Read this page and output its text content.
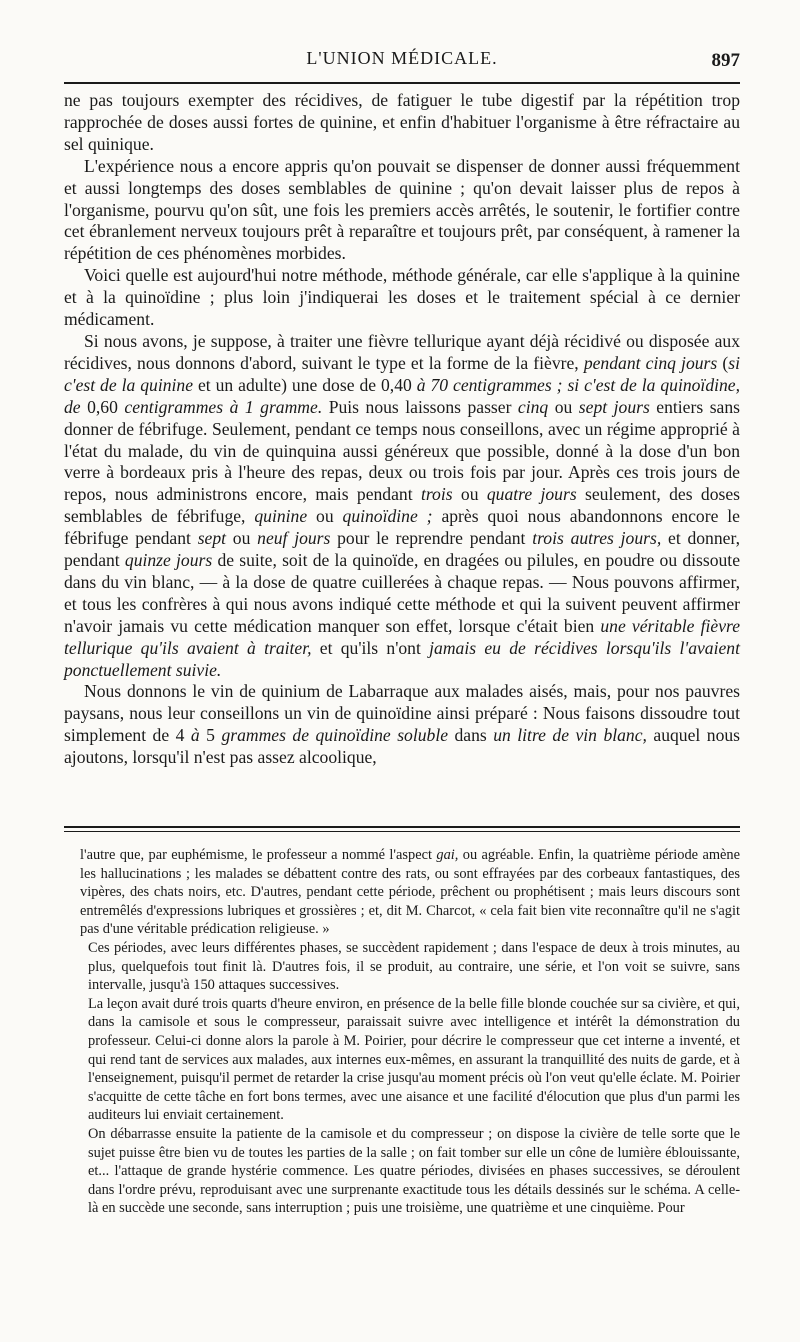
L'UNION MÉDICALE.	897

ne pas toujours exempter des récidives, de fatiguer le tube digestif par la répétition trop rapprochée de doses aussi fortes de quinine, et enfin d'habituer l'organisme à être réfractaire au sel quinique.

L'expérience nous a encore appris qu'on pouvait se dispenser de donner aussi fréquemment et aussi longtemps des doses semblables de quinine ; qu'on devait laisser plus de repos à l'organisme, pourvu qu'on sût, une fois les premiers accès arrêtés, le soutenir, le fortifier contre cet ébranlement nerveux toujours prêt à reparaître et toujours prêt, par conséquent, à ramener la répétition de ces phénomènes morbides.

Voici quelle est aujourd'hui notre méthode, méthode générale, car elle s'applique à la quinine et à la quinoïdine ; plus loin j'indiquerai les doses et le traitement spécial à ce dernier médicament.

Si nous avons, je suppose, à traiter une fièvre tellurique ayant déjà récidivé ou disposée aux récidives, nous donnons d'abord, suivant le type et la forme de la fièvre, pendant cinq jours (si c'est de la quinine et un adulte) une dose de 0,40 à 70 centigrammes ; si c'est de la quinoïdine, de 0,60 centigrammes à 1 gramme. Puis nous laissons passer cinq ou sept jours entiers sans donner de fébrifuge. Seulement, pendant ce temps nous conseillons, avec un régime approprié à l'état du malade, du vin de quinquina aussi généreux que possible, donné à la dose d'un bon verre à bordeaux pris à l'heure des repas, deux ou trois fois par jour. Après ces trois jours de repos, nous administrons encore, mais pendant trois ou quatre jours seulement, des doses semblables de fébrifuge, quinine ou quinoïdine ; après quoi nous abandonnons encore le fébrifuge pendant sept ou neuf jours pour le reprendre pendant trois autres jours, et donner, pendant quinze jours de suite, soit de la quinoïde, en dragées ou pilules, en poudre ou dissoute dans du vin blanc, — à la dose de quatre cuillerées à chaque repas. — Nous pouvons affirmer, et tous les confrères à qui nous avons indiqué cette méthode et qui la suivent peuvent affirmer n'avoir jamais vu cette médication manquer son effet, lorsque c'était bien une véritable fièvre tellurique qu'ils avaient à traiter, et qu'ils n'ont jamais eu de récidives lorsqu'ils l'avaient ponctuellement suivie.

Nous donnons le vin de quinium de Labarraque aux malades aisés, mais, pour nos pauvres paysans, nous leur conseillons un vin de quinoïdine ainsi préparé : Nous faisons dissoudre tout simplement de 4 à 5 grammes de quinoïdine soluble dans un litre de vin blanc, auquel nous ajoutons, lorsqu'il n'est pas assez alcoolique,

l'autre que, par euphémisme, le professeur a nommé l'aspect gai, ou agréable. Enfin, la quatrième période amène les hallucinations ; les malades se débattent contre des rats, ou sont effrayées par des corbeaux fantastiques, des vipères, des chats noirs, etc. D'autres, pendant cette période, prêchent ou prophétisent ; mais leurs discours sont entremêlés d'expressions lubriques et grossières ; et, dit M. Charcot, « cela fait bien vite reconnaître qu'il ne s'agit pas d'une véritable prédication religieuse. »

Ces périodes, avec leurs différentes phases, se succèdent rapidement ; dans l'espace de deux à trois minutes, au plus, quelquefois tout finit là. D'autres fois, il se produit, au contraire, une série, et l'on voit se suivre, sans intervalle, jusqu'à 150 attaques successives.

La leçon avait duré trois quarts d'heure environ, en présence de la belle fille blonde couchée sur sa civière, et qui, dans la camisole et sous le compresseur, paraissait suivre avec intelligence et intérêt la démonstration du professeur. Celui-ci donne alors la parole à M. Poirier, pour décrire le compresseur que cet interne a inventé, et qui rend tant de services aux malades, aux internes eux-mêmes, en assurant la tranquillité des nuits de garde, et à l'enseignement, puisqu'il permet de retarder la crise jusqu'au moment précis où l'on veut qu'elle éclate. M. Poirier s'acquitte de cette tâche en fort bons termes, avec une aisance et une facilité d'élocution que plus d'un parmi les auditeurs lui enviait certainement.

On débarrasse ensuite la patiente de la camisole et du compresseur ; on dispose la civière de telle sorte que le sujet puisse être bien vu de toutes les parties de la salle ; on fait tomber sur elle un cône de lumière éblouissante, et... l'attaque de grande hystérie commence. Les quatre périodes, divisées en phases successives, se déroulent dans l'ordre prévu, reproduisant avec une surprenante exactitude tous les détails dessinés sur le schéma. A celle-là en succède une seconde, sans interruption ; puis une troisième, une quatrième et une cinquième. Pour
